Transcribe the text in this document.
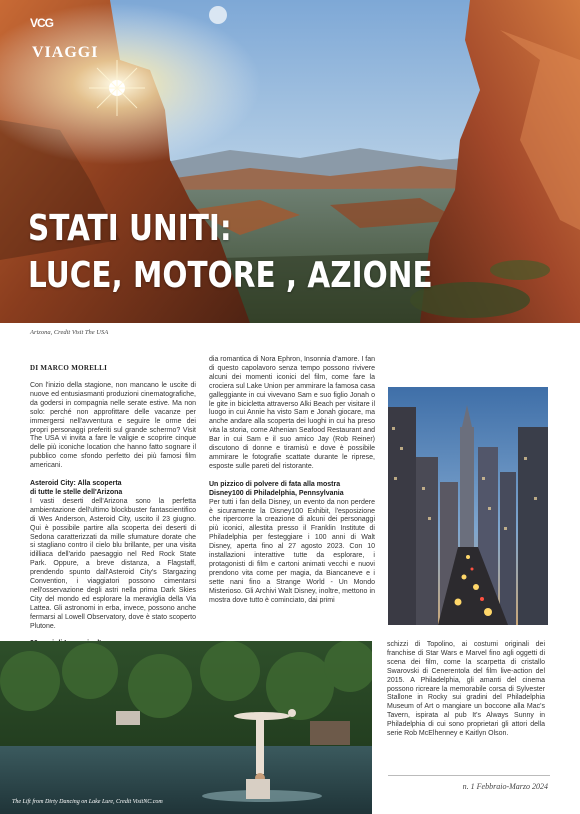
VCG
VIAGGI
STATI UNITI:
LUCE, MOTORE , AZIONE
Arizona, Credit Visit The USA
DI MARCO MORELLI

Con l'inizio della stagione, non mancano le uscite di nuove ed entusiasmanti produzioni cinematografiche, da godersi in compagnia nelle serate estive. Ma non solo: perché non approfittare delle vacanze per immergersi nell'avventura e seguire le orme dei propri personaggi preferiti sul grande schermo? Visit The USA vi invita a fare le valigie e scoprire cinque delle più iconiche location che hanno fatto sognare il pubblico come sfondo perfetto dei più famosi film americani.

Asteroid City: Alla scoperta
di tutte le stelle dell'Arizona

I vasti deserti dell'Arizona sono la perfetta ambientazione dell'ultimo blockbuster fantascientifico di Wes Anderson, Asteroid City, uscito il 23 giugno. Qui è possibile partire alla scoperta dei deserti di Sedona caratterizzati da mille sfumature dorate che si stagliano contro il cielo blu brillante, per una visita idilliaca dell'arido paesaggio nel Red Rock State Park. Oppure, a breve distanza, a Flagstaff, prendendo spunto dall'Asteroid City's Stargazing Convention, i viaggiatori possono cimentarsi nell'osservazione degli astri nella prima Dark Skies City del mondo ed esplorare la meraviglia della Via Lattea. Gli astronomi in erba, invece, possono anche fermarsi al Lowell Observatory, dove è stato scoperto Plutone.

dia romantica di Nora Ephron, Insonnia d'amore. I fan di questo capolavoro senza tempo possono rivivere alcuni dei momenti iconici del film, come fare la crociera sul Lake Union per ammirare la famosa casa galleggiante in cui vivevano Sam e suo figlio Jonah o le gite in bicicletta attraverso Alki Beach per visitare il luogo in cui Annie ha visto Sam e Jonah giocare, ma anche andare alla scoperta dei luoghi in cui ha preso vita la storia, come Athenian Seafood Restaurant and Bar in cui Sam e il suo amico Jay (Rob Reiner) discutono di donne e tiramisù e dove è possibile ammirare le fotografie scattate durante le riprese, esposte sulle pareti del ristorante.

Un pizzico di polvere di fata alla mostra
Disney100 di Philadelphia, Pennsylvania

Per tutti i fan della Disney, un evento da non perdere è sicuramente la Disney100 Exhibit, l'esposizione che ripercorre la creazione di alcuni dei personaggi più iconici, allestita presso il Franklin Institute di Philadelphia per festeggiare i 100 anni di Walt Disney, aperta fino al 27 agosto 2023. Con 10 installazioni interattive tutte da esplorare, i protagonisti di film e cartoni animati vecchi e nuovi prendono vita come per magia, da Biancaneve e i sette nani fino a Strange World - Un Mondo Misterioso. Gli Archivi Walt Disney, inoltre, mettono in mostra dove tutto è cominciato, dai primi

The Lift from Dirty Dancing on Lake Lure, Credit VisitNC.com

schizzi di Topolino, ai costumi originali dei franchise di Star Wars e Marvel fino agli oggetti di scena dei film, come la scarpetta di cristallo Swarovski di Cenerentola del film live-action del 2015. A Philadelphia, gli amanti del cinema possono ricreare la memorabile corsa di Sylvester Stallone in Rocky sui gradini del Philadelphia Museum of Art o mangiare un boccone alla Mac's Tavern, ispirata al pub It's Always Sunny in Philadelphia di cui sono proprietari gli attori della serie Rob McElhenney e Kaitlyn Olson.

n. 1 Febbraio-Marzo 2024
